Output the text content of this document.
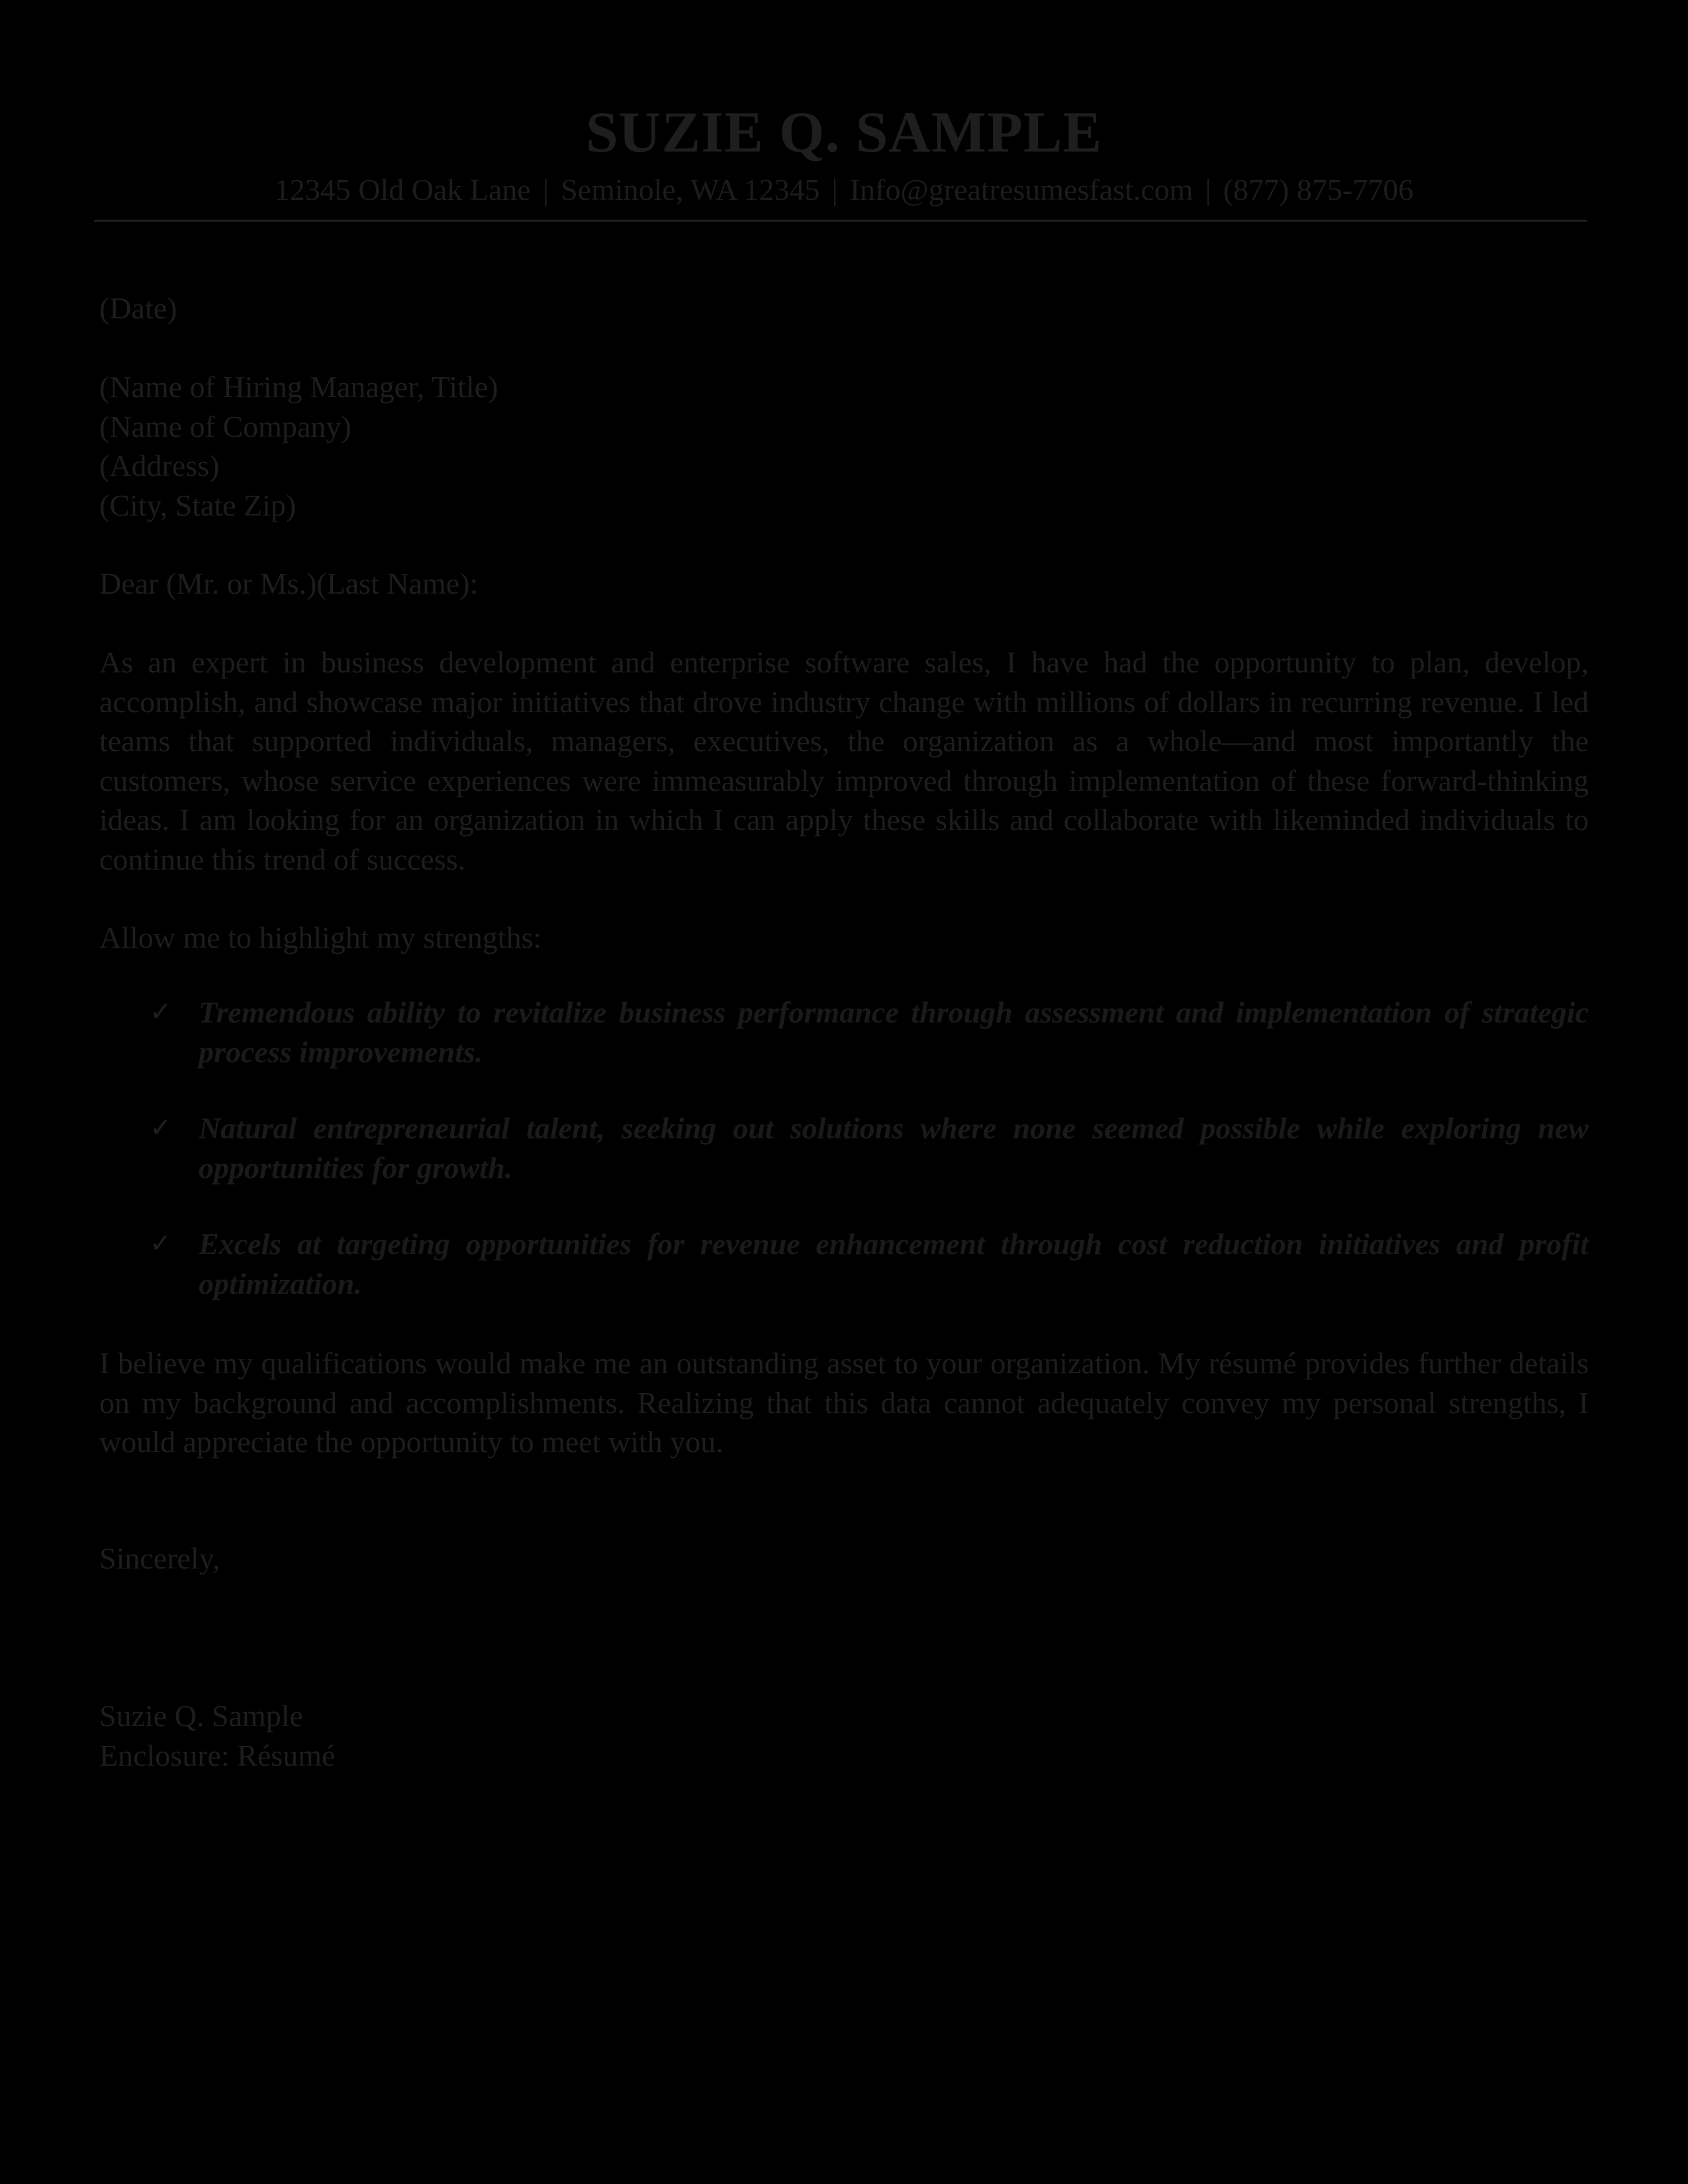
SUZIE Q. SAMPLE
12345 Old Oak Lane | Seminole, WA 12345 | Info@greatresumesfast.com | (877) 875-7706
(Date)
(Name of Hiring Manager, Title)
(Name of Company)
(Address)
(City, State Zip)
Dear (Mr. or Ms.)(Last Name):
As an expert in business development and enterprise software sales, I have had the opportunity to plan, develop, accomplish, and showcase major initiatives that drove industry change with millions of dollars in recurring revenue. I led teams that supported individuals, managers, executives, the organization as a whole—and most importantly the customers, whose service experiences were immeasurably improved through implementation of these forward-thinking ideas. I am looking for an organization in which I can apply these skills and collaborate with likeminded individuals to continue this trend of success.
Allow me to highlight my strengths:
✓ Tremendous ability to revitalize business performance through assessment and implementation of strategic process improvements.
✓ Natural entrepreneurial talent, seeking out solutions where none seemed possible while exploring new opportunities for growth.
✓ Excels at targeting opportunities for revenue enhancement through cost reduction initiatives and profit optimization.
I believe my qualifications would make me an outstanding asset to your organization. My résumé provides further details on my background and accomplishments. Realizing that this data cannot adequately convey my personal strengths, I would appreciate the opportunity to meet with you.
Sincerely,
Suzie Q. Sample
Enclosure: Résumé
